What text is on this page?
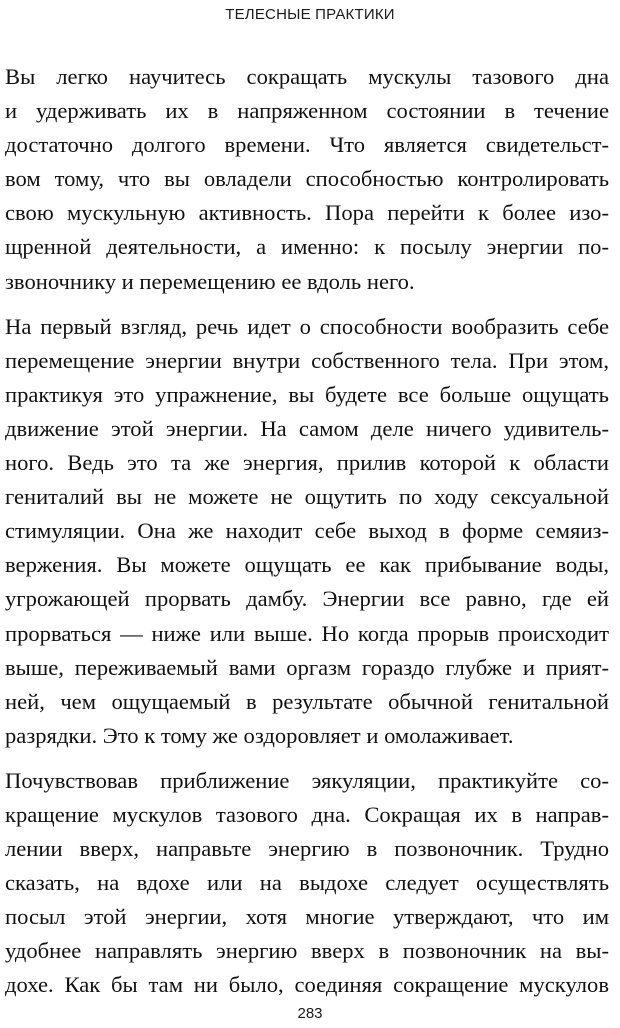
ТЕЛЕСНЫЕ ПРАКТИКИ

Вы легко научитесь сокращать мускулы тазового дна
и удерживать их в напряженном состоянии в течение
достаточно долгого времени. Что является свидетельст-
вом тому, что вы овладели способностью контролировать
свою мускульную активность. Пора перейти к более изо-
щренной деятельности, а именно: к посылу энергии по-
звоночнику и перемещению ее вдоль него.

На первый взгляд, речь идет о способности вообразить себе
перемещение энергии внутри собственного тела. При этом,
практикуя это упражнение, вы будете все больше ощущать
движение этой энергии. На самом деле ничего удивитель-
ного. Ведь это та же энергия, прилив которой к области
гениталий вы не можете не ощутить по ходу сексуальной
стимуляции. Она же находит себе выход в форме семяиз-
вержения. Вы можете ощущать ее как прибывание воды,
угрожающей прорвать дамбу. Энергии все равно, где ей
прорваться — ниже или выше. Но когда прорыв происходит
выше, переживаемый вами оргазм гораздо глубже и прият-
ней, чем ощущаемый в результате обычной генитальной
разрядки. Это к тому же оздоровляет и омолаживает.

Почувствовав приближение эякуляции, практикуйте со-
кращение мускулов тазового дна. Сокращая их в направ-
лении вверх, направьте энергию в позвоночник. Трудно
сказать, на вдохе или на выдохе следует осуществлять
посыл этой энергии, хотя многие утверждают, что им
удобнее направлять энергию вверх в позвоночник на вы-
дохе. Как бы там ни было, соединяя сокращение мускулов

283
